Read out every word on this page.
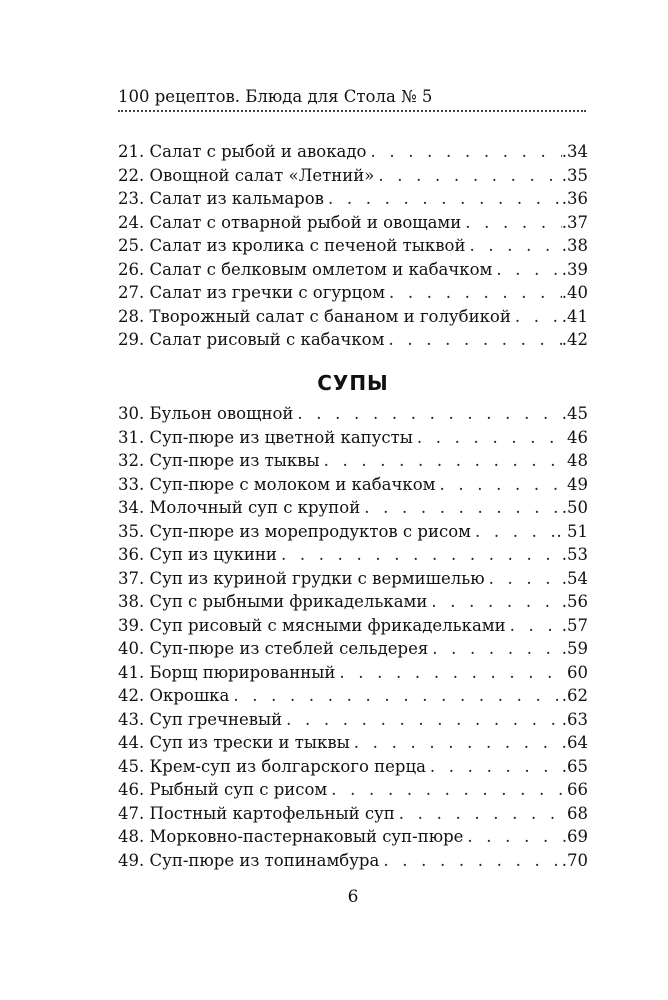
100 рецептов. Блюда для Стола № 5
21. Салат с рыбой и авокадо . . .	.34
22. Овощной салат «Летний» . . .	.35
23. Салат из кальмаров . . .	.36
24. Салат с отварной рыбой и овощами . . .	.37
25. Салат из кролика с печеной тыквой . . .	.38
26. Салат с белковым омлетом и кабачком . . .	.39
27. Салат из гречки с огурцом . . .	.40
28. Творожный салат с бананом и голубикой . . .	.41
29. Салат рисовый с кабачком . . .	.42
СУПЫ
30. Бульон овощной . . .	.45
31. Суп-пюре из цветной капусты . . .	46
32. Суп-пюре из тыквы . . .	48
33. Суп-пюре с молоком и кабачком . . .	49
34. Молочный суп с крупой . . .	.50
35. Суп-пюре из морепродуктов с рисом . . .	. 51
36. Суп из цукини . . .	.53
37. Суп из куриной грудки с вермишелью . . .	.54
38. Суп с рыбными фрикадельками . . .	.56
39. Суп рисовый с мясными фрикадельками . . .	.57
40. Суп-пюре из стеблей сельдерея . . .	.59
41. Борщ пюрированный . . .	60
42. Окрошка . . .	.62
43. Суп гречневый . . .	.63
44. Суп из трески и тыквы . . .	64
45. Крем-суп из болгарского перца . . .	.65
46. Рыбный суп с рисом . . .	66
47. Постный картофельный суп . . .	68
48. Морковно-пастернаковый суп-пюре . . .	69
49. Суп-пюре из топинамбура . . .	.70
6
